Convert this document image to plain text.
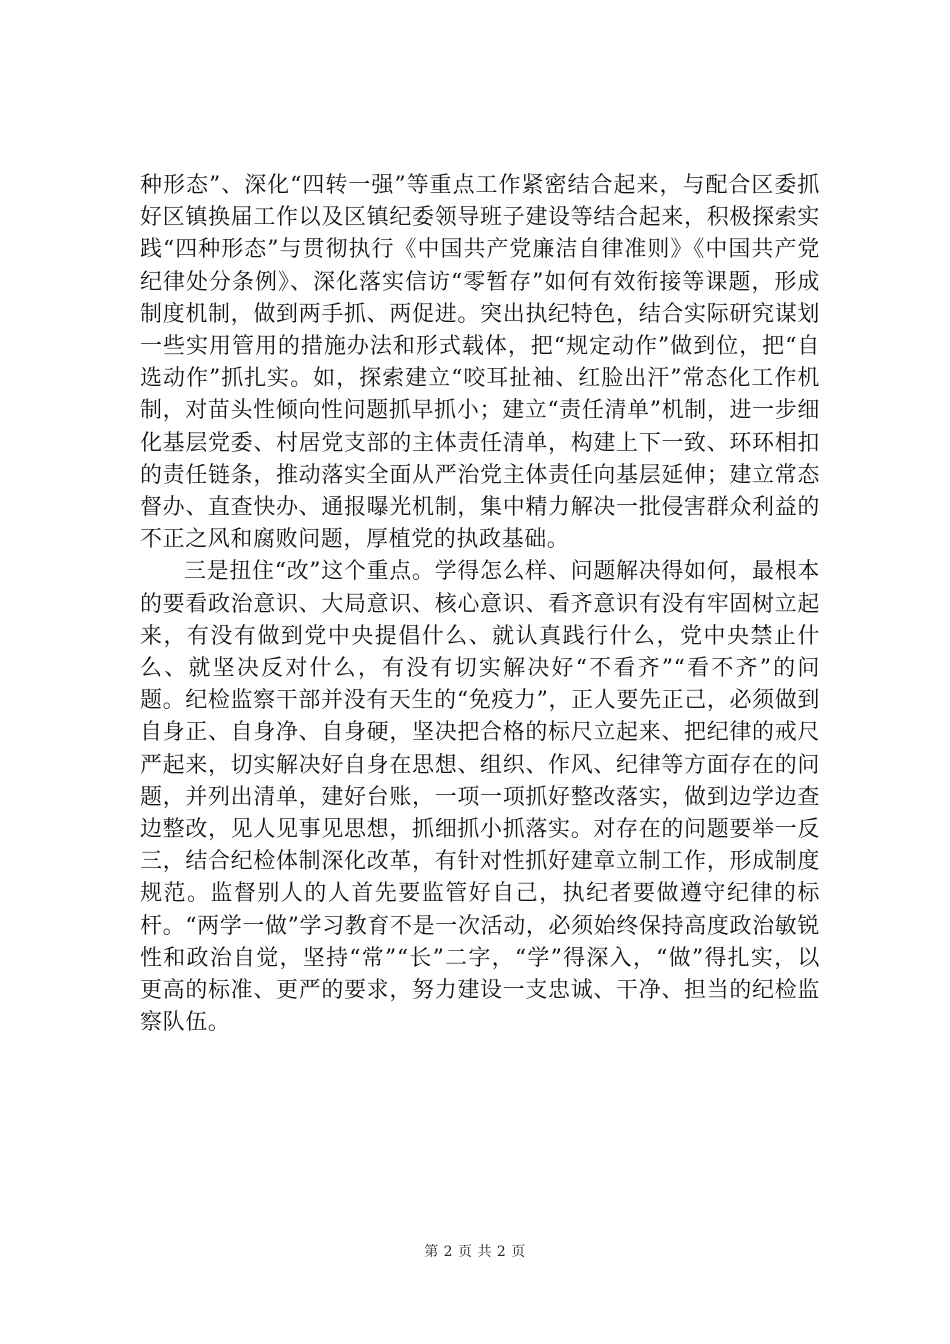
种形态”、深化“四转一强”等重点工作紧密结合起来，与配合区委抓好区镇换届工作以及区镇纪委领导班子建设等结合起来，积极探索实践“四种形态”与贯彻执行《中国共产党廉洁自律准则》《中国共产党纪律处分条例》、深化落实信访“零暂存”如何有效衔接等课题，形成制度机制，做到两手抓、两促进。突出执纪特色，结合实际研究谋划一些实用管用的措施办法和形式载体，把“规定动作”做到位，把“自选动作”抓扎实。如，探索建立“咬耳扯袖、红脸出汗”常态化工作机制，对苗头性倾向性问题抓早抓小；建立“责任清单”机制，进一步细化基层党委、村居党支部的主体责任清单，构建上下一致、环环相扣的责任链条，推动落实全面从严治党主体责任向基层延伸；建立常态督办、直查快办、通报曝光机制，集中精力解决一批侵害群众利益的不正之风和腐败问题，厚植党的执政基础。

三是扭住“改”这个重点。学得怎么样、问题解决得如何，最根本的要看政治意识、大局意识、核心意识、看齐意识有没有牢固树立起来，有没有做到党中央提倡什么、就认真践行什么，党中央禁止什么、就坚决反对什么，有没有切实解决好“不看齐”“看不齐”的问题。纪检监察干部并没有天生的“免疫力”，正人要先正己，必须做到自身正、自身净、自身硬，坚决把合格的标尺立起来、把纪律的戒尺严起来，切实解决好自身在思想、组织、作风、纪律等方面存在的问题，并列出清单，建好台账，一项一项抓好整改落实，做到边学边查边整改，见人见事见思想，抓细抓小抓落实。对存在的问题要举一反三，结合纪检体制深化改革，有针对性抓好建章立制工作，形成制度规范。监督别人的人首先要监管好自己，执纪者要做遵守纪律的标杆。“两学一做”学习教育不是一次活动，必须始终保持高度政治敏锐性和政治自觉，坚持“常”“长”二字，“学”得深入，“做”得扎实，以更高的标准、更严的要求，努力建设一支忠诚、干净、担当的纪检监察队伍。

第 2 页 共 2 页
